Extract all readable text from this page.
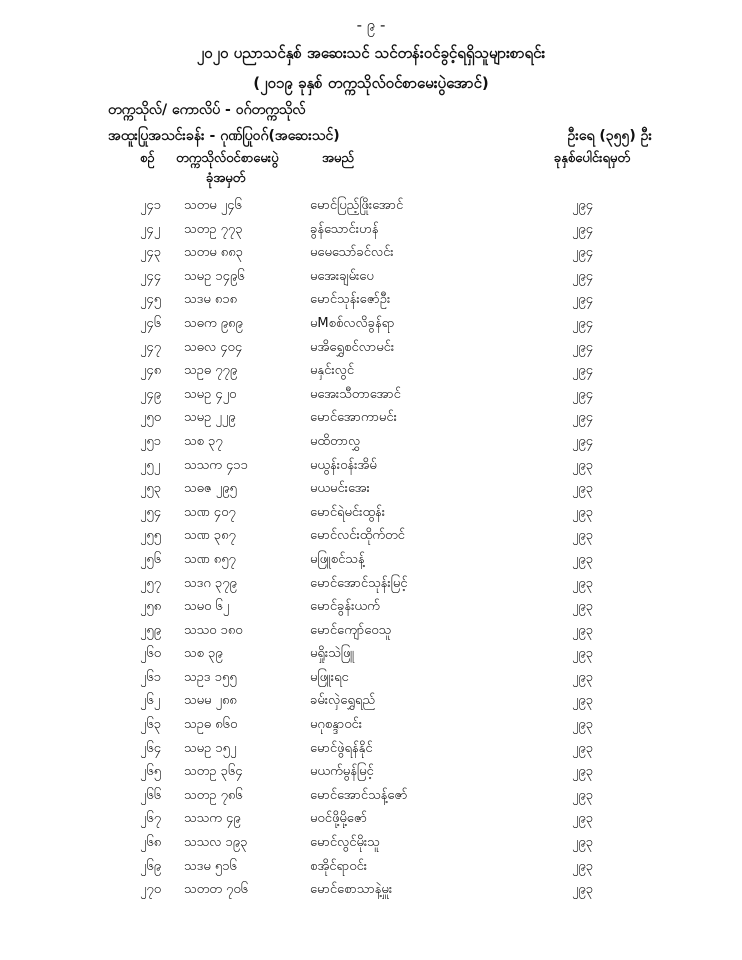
- ၉ -
၂၀၂၀ ပညာသင်နှစ် အဆေးသင် သင်တန်းဝင်ခွင့်ရရှိသူများစာရင်း
(၂၀၁၉ ခုနှစ် တက္ကသိုလ်ဝင်စာမေးပွဲအောင်)
တက္ကသိုလ်/ ကောလိပ် - ဝဂ်တက္ကသိုလ်
အထူးပြုအသင်းခန်း - ဂုဏ်ပြုဝဂ်(အဆေးသင်)	ဦးရေ (၃၅၅) ဦး
စဉ် တက္ကသိုလ်ဝင်စာမေးပွဲ
ခုံအမှတ်
အမည်	ခုနှစ်ပေါင်းရမှတ်
၂၄၁ သတမ ၂၄၆	မောင်ပြည့်ဖြိုးအောင်	၂၉၄
၂၄၂ သတဥ ၇၇၃	ခွန်သောင်းဟန်	၂၉၄
၂၄၃ သတမ ၈၈၃	မမေသော်ခင်လင်း	၂၉၄
၂၄၄ သမဥ ၁၄၉၆	မအေးချမ်းပေ	၂၉၄
၂၄၅ သဒမ ၈၁၈	မောင်သုန်းဇော်ဦး	၂၉၄
၂၄၆ သဓက ၉၈၉	မMစစ်လလိခွန်ရာ	၂၉၄
၂၄၇ သဓလ ၄၀၄	မအိရွှေစင်လာမင်း	၂၉၄
၂၄၈ သဥဓ ၇၇၉	မနှင်းလွင်	၂၉၄
၂၄၉ သမဥ ၄၂၀	မအေးသီတာအောင်	၂၉၄
၂၅၀ သမဥ ၂၂၉	မောင်အောကာမင်း	၂၉၄
၂၅၁ သစ ၃၇	မထိတာလွှ	၂၉၄
၂၅၂ သသက ၄၁၁	မယွန်းဝန်းအိမ်	၂၉၃
၂၅၃ သဓဇ ၂၉၅	မယမင်းအေး	၂၉၃
၂၅၄ သဏ ၄၀၇	မောင်ရဲမင်းထွန်း	၂၉၃
၂၅၅ သဏ ၃၈၇	မောင်လင်းထိုက်တင်	၂၉၃
၂၅၆ သဏ ၈၅၇	မဖြူစင်သန့်	၂၉၃
၂၅၇ သဒဂ ၃၇၉	မောင်အောင်သုန်းမြင့်	၂၉၃
၂၅၈ သမဝ ၆၂	မောင်ခွန်းယက်	၂၉၃
၂၅၉ သသဝ ၁၈၀	မောင်ကျော်ဝေသူ	၂၉၃
၂၆၀ သစ ၃၉	မရှိုးသဲဖြူ	၂၉၃
၂၆၁ သဥဒ ၁၅၅	မဖြူးရင	၂၉၃
၂၆၂ သမမ ၂၈၈	ခမ်းလှဲရွှေရည်	၂၉၃
၂၆၃ သဥဓ ၈၆၀	မဂုစန္ဒာဝင်း	၂၉၃
၂၆၄ သမဥ ၁၅၂	မောင်ဖွဲရန်နိုင်	၂၉၃
၂၆၅ သတဥ ၃၆၄	မယက်မွန်မြင့်	၂၉၃
၂၆၆ သတဥ ၇၈၆	မောင်အောင်သန့်ဇော်	၂၉၃
၂၆၇ သသက ၄၉	မဝင်ဖို့မို့ဇော်	၂၉၃
၂၆၈ သသလ ၁၉၃	မောင်လွင်မိုးသူ	၂၉၃
၂၆၉ သဒမ ၅၁၆	စအိုင်ရာဝင်း	၂၉၃
၂၇၀ သတတ ၇၀၆	မောင်စောသာနဲ့မှူး	၂၉၃
